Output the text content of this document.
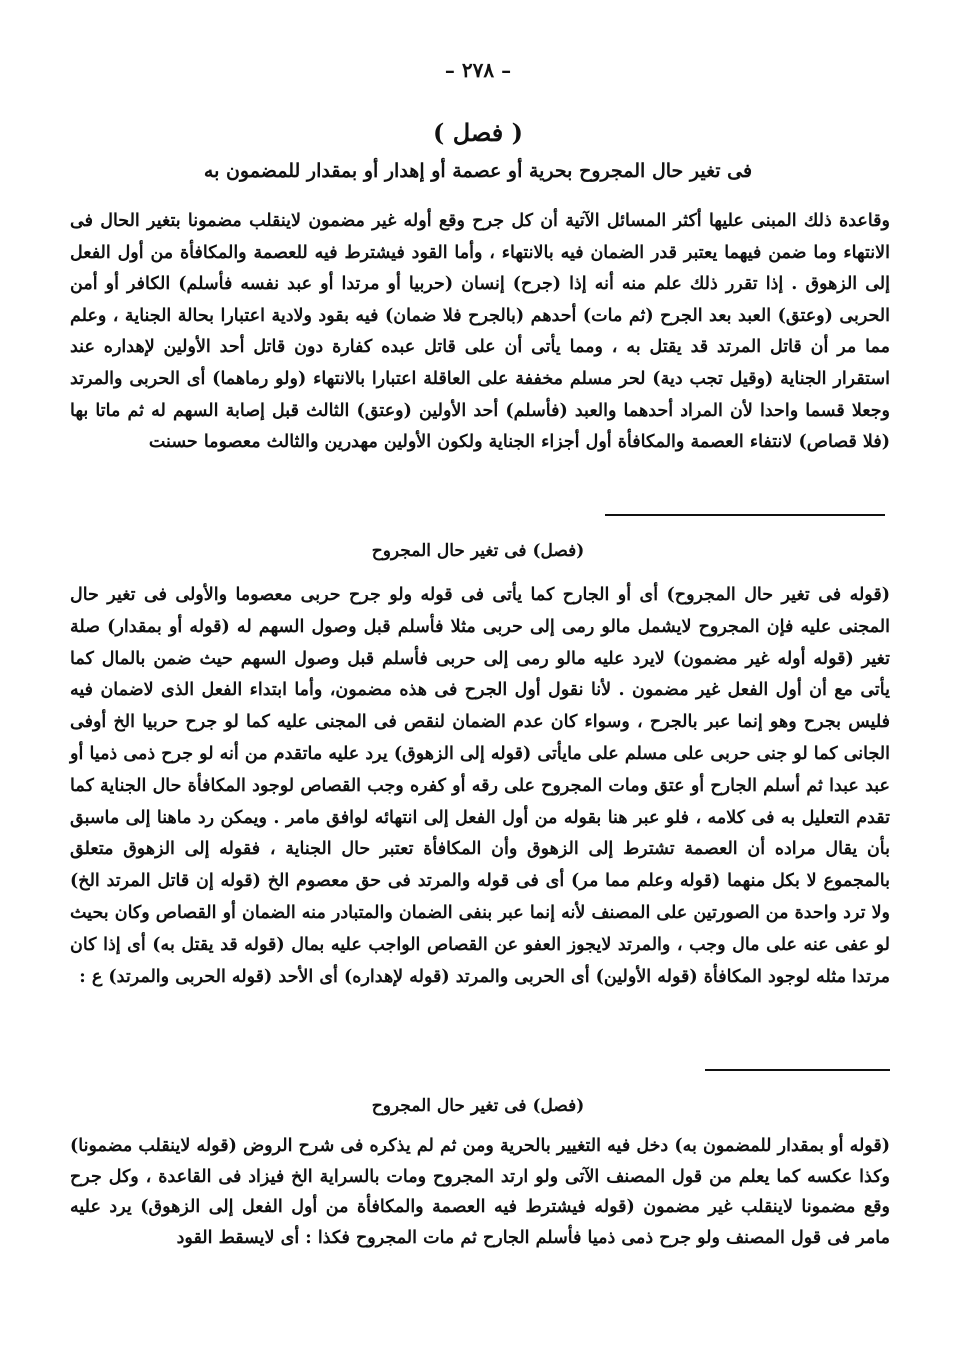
– ٢٧٨ –
( فصل )
فى تغير حال المجروح بحرية أو عصمة أو إهدار أو بمقدار للمضمون به

وقاعدة ذلك المبنى عليها أكثر المسائل الآتية أن كل جرح وقع أوله غير مضمون لاينقلب مضمونا بتغير الحال فى الانتهاء وما ضمن فيهما يعتبر قدر الضمان فيه بالانتهاء ، وأما القود فيشترط فيه للعصمة والمكافأة من أول الفعل إلى الزهوق . إذا تقرر ذلك علم منه أنه إذا (جرح) إنسان (حربيا أو مرتدا أو عبد نفسه فأسلم) الكافر أو أمن الحربى (وعتق) العبد بعد الجرح (ثم مات) أحدهم (بالجرح فلا ضمان) فيه بقود ولادية اعتبارا بحالة الجناية ، وعلم مما مر أن قاتل المرتد قد يقتل به ، ومما يأتى أن على قاتل عبده كفارة دون قاتل أحد الأولين لإهداره عند استقرار الجناية (وقيل تجب دية) لحر مسلم مخففة على العاقلة اعتبارا بالانتهاء (ولو رماهما) أى الحربى والمرتد وجعلا قسما واحدا لأن المراد أحدهما والعبد (فأسلم) أحد الأولين (وعتق) الثالث قبل إصابة السهم له ثم ماتا بها (فلا قصاص) لانتفاء العصمة والمكافأة أول أجزاء الجناية ولكون الأولين مهدرين والثالث معصوما حسنت

(فصل) فى تغير حال المجروح

(قوله فى تغير حال المجروح) أى أو الجارح كما يأتى فى قوله ولو جرح حربى معصوما والأولى فى تغير حال المجنى عليه فإن المجروح لايشمل مالو رمى إلى حربى مثلا فأسلم قبل وصول السهم له (قوله أو بمقدار) صلة تغير (قوله أوله غير مضمون) لايرد عليه مالو رمى إلى حربى فأسلم قبل وصول السهم حيث ضمن بالمال كما يأتى مع أن أول الفعل غير مضمون . لأنا نقول أول الجرح فى هذه مضمون، وأما ابتداء الفعل الذى لاضمان فيه فليس بجرح وهو إنما عبر بالجرح ، وسواء كان عدم الضمان لنقص فى المجنى عليه كما لو جرح حربيا الخ أوفى الجانى كما لو جنى حربى على مسلم على مايأتى (قوله إلى الزهوق) يرد عليه ماتقدم من أنه لو جرح ذمى ذميا أو عبد عبدا ثم أسلم الجارح أو عتق ومات المجروح على رقه أو كفره وجب القصاص لوجود المكافأة حال الجناية كما تقدم التعليل به فى كلامه ، فلو عبر هنا بقوله من أول الفعل إلى انتهائه لوافق مامر . ويمكن رد ماهنا إلى ماسبق بأن يقال مراده أن العصمة تشترط إلى الزهوق وأن المكافأة تعتبر حال الجناية ، فقوله إلى الزهوق متعلق بالمجموع لا بكل منهما (قوله وعلم مما مر) أى فى قوله والمرتد فى حق معصوم الخ (قوله إن قاتل المرتد الخ) ولا ترد واحدة من الصورتين على المصنف لأنه إنما عبر بنفى الضمان والمتبادر منه الضمان أو القصاص وكان بحيث لو عفى عنه على مال وجب ، والمرتد لايجوز العفو عن القصاص الواجب عليه بمال (قوله قد يقتل به) أى إذا كان مرتدا مثله لوجود المكافأة (قوله الأولين) أى الحربى والمرتد (قوله لإهداره) أى الأحد (قوله الحربى والمرتد) ع :

(فصل) فى تغير حال المجروح

(قوله أو بمقدار للمضمون به) دخل فيه التغيير بالحرية ومن ثم لم يذكره فى شرح الروض (قوله لاينقلب مضمونا) وكذا عكسه كما يعلم من قول المصنف الآتى ولو ارتد المجروح ومات بالسراية الخ فيزاد فى القاعدة ، وكل جرح وقع مضمونا لاينقلب غير مضمون (قوله فيشترط فيه العصمة والمكافأة من أول الفعل إلى الزهوق) يرد عليه مامر فى قول المصنف ولو جرح ذمى ذميا فأسلم الجارح ثم مات المجروح فكذا : أى لايسقط القود
